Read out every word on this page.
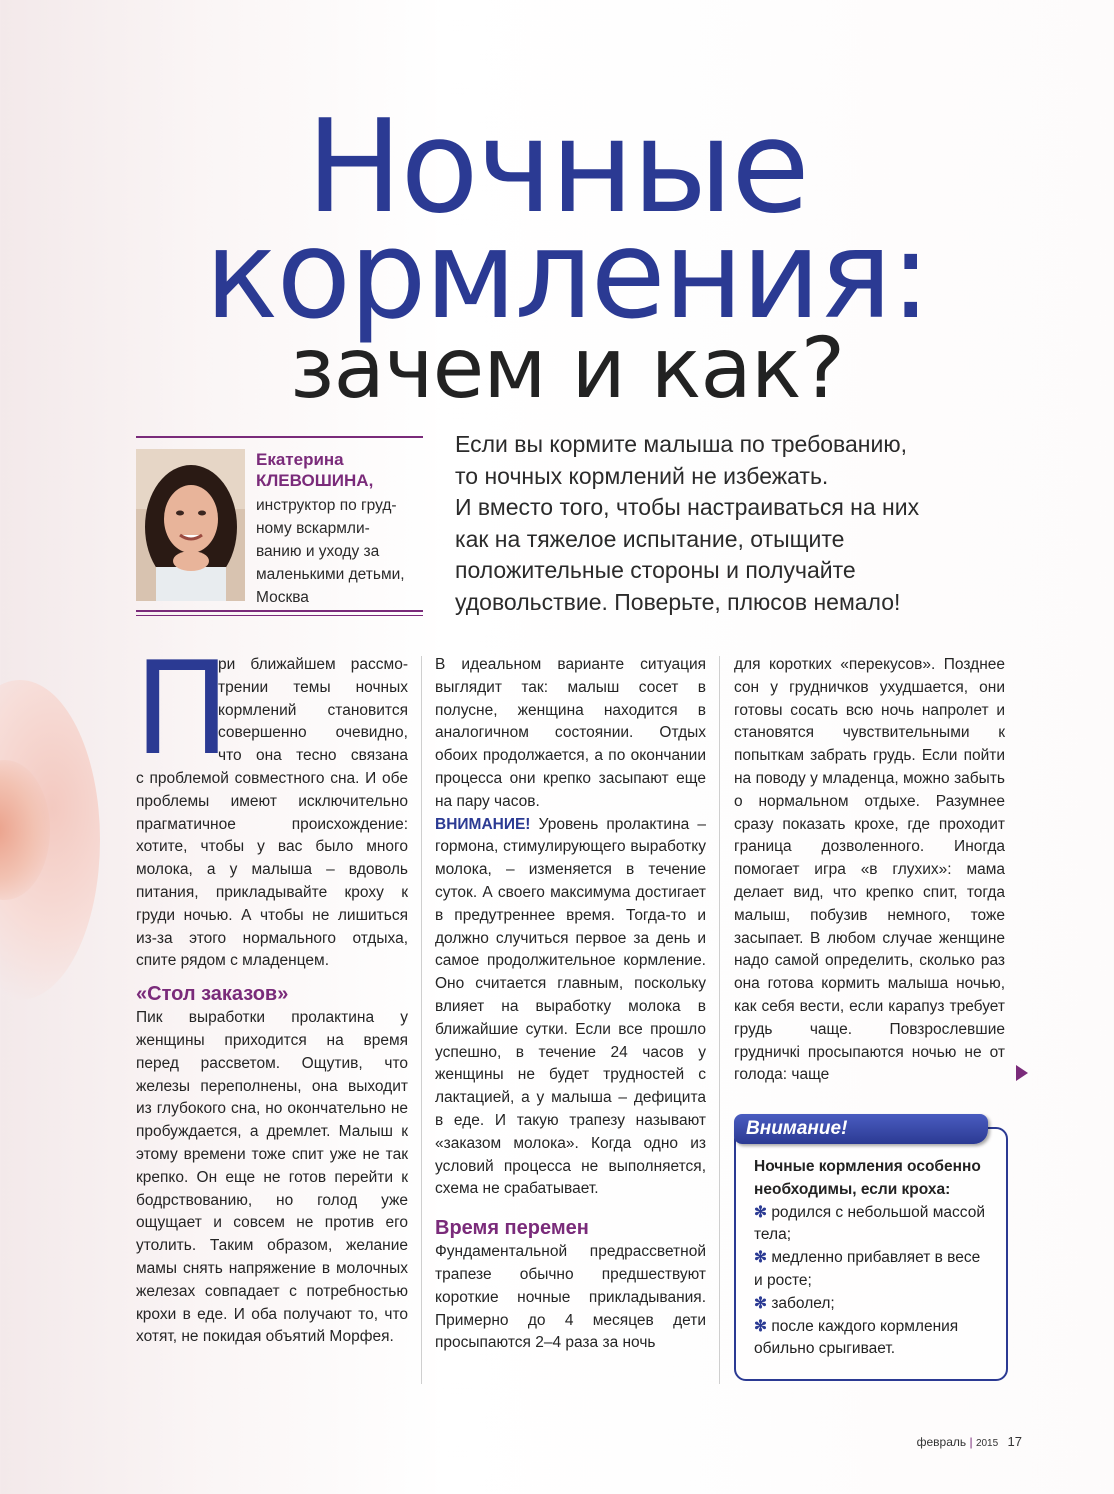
Ночные
кормления:
зачем и как?
Екатерина
КЛЕВОШИНА,
инструктор по груд-
ному вскармли-
ванию и уходу за
маленькими детьми,
Москва
Если вы кормите малыша по требованию,
то ночных кормлений не избежать.
И вместо того, чтобы настраиваться на них
как на тяжелое испытание, отыщите
положительные стороны и получайте
удовольствие. Поверьте, плюсов немало!
П
ри ближайшем рассмо-
трении темы ночных
кормлений становится
совершенно очевидно,
что она тесно связана

с проблемой совместного сна. И обе проблемы имеют исключительно прагматичное происхождение: хотите, чтобы у вас было много молока, а у малыша – вдоволь питания, прикладывайте кроху к груди ночью. А чтобы не лишиться из-за этого нормального отдыха, спите рядом с младенцем.

«Стол заказов»

Пик выработки пролактина у женщины приходится на время перед рассветом. Ощутив, что железы переполнены, она выходит из глубокого сна, но окончательно не пробуждается, а дремлет. Малыш к этому времени тоже спит уже не так крепко. Он еще не готов перейти к бодрствованию, но голод уже ощущает и совсем не против его утолить. Таким образом, желание мамы снять напряжение в молочных железах совпадает с потребностью крохи в еде. И оба получают то, что хотят, не покидая объятий Морфея.

В идеальном варианте ситуация выглядит так: малыш сосет в полусне, женщина находится в аналогичном состоянии. Отдых обоих продолжается, а по окончании процесса они крепко засыпают еще на пару часов.

ВНИМАНИЕ! Уровень пролактина – гормона, стимулирующего выработку молока, – изменяется в течение суток. А своего максимума достигает в предутреннее время. Тогда-то и должно случиться первое за день и самое продолжительное кормление. Оно считается главным, поскольку влияет на выработку молока в ближайшие сутки. Если все прошло успешно, в течение 24 часов у женщины не будет трудностей с лактацией, а у малыша – дефицита в еде. И такую трапезу называют «заказом молока». Когда одно из условий процесса не выполняется, схема не срабатывает.

Время перемен

Фундаментальной предрассветной трапезе обычно предшествуют короткие ночные прикладывания. Примерно до 4 месяцев дети просыпаются 2–4 раза за ночь

для коротких «перекусов». Позднее сон у грудничков ухудшается, они готовы сосать всю ночь напролет и становятся чувствительными к попыткам забрать грудь. Если пойти на поводу у младенца, можно забыть о нормальном отдыхе. Разумнее сразу показать крохе, где проходит граница дозволенного. Иногда помогает игра «в глухих»: мама делает вид, что крепко спит, тогда малыш, побузив немного, тоже засыпает. В любом случае женщине надо самой определить, сколько раз она готова кормить малыша ночью, как себя вести, если карапуз требует грудь чаще. Повзрослевшие грудничкi просыпаются ночью не от голода: чаще

Внимание!
Ночные кормления особенно необходимы, если кроха:
✻ родился с небольшой массой тела;
✻ медленно прибавляет в весе и росте;
✻ заболел;
✻ после каждого кормления обильно срыгивает.
февраль | 2015 17
